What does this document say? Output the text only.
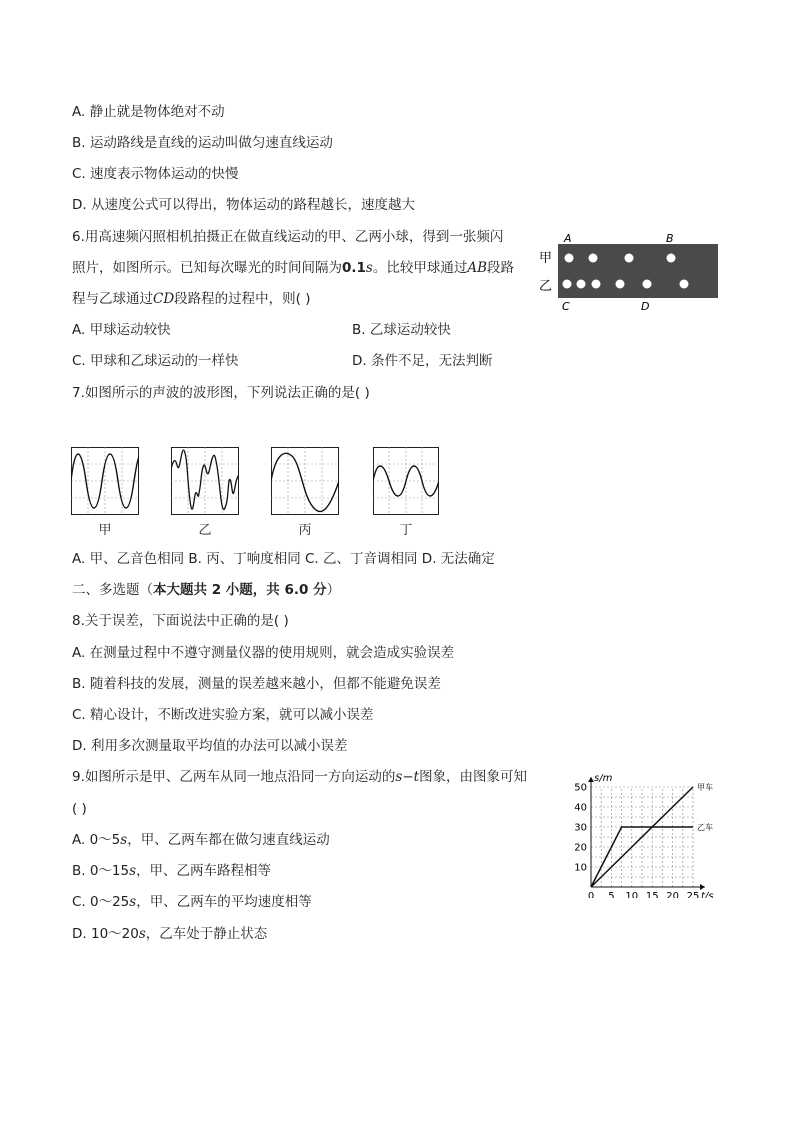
A. 静止就是物体绝对不动
B. 运动路线是直线的运动叫做匀速直线运动
C. 速度表示物体运动的快慢
D. 从速度公式可以得出，物体运动的路程越长，速度越大
6.用高速频闪照相机拍摄正在做直线运动的甲、乙两小球，得到一张频闪
照片，如图所示。已知每次曝光的时间间隔为0.1s。比较甲球通过AB段路
程与乙球通过CD段路程的过程中，则( )
A. 甲球运动较快	B. 乙球运动较快
C. 甲球和乙球运动的一样快	D. 条件不足，无法判断
A	B
C	D
甲
乙
7.如图所示的声波的波形图，下列说法正确的是( )
甲	乙	丙	丁
A. 甲、乙音色相同 B. 丙、丁响度相同 C. 乙、丁音调相同 D. 无法确定
二、多选题（本大题共 2 小题，共 6.0 分）
8.关于误差，下面说法中正确的是( )
A. 在测量过程中不遵守测量仪器的使用规则，就会造成实验误差
B. 随着科技的发展，测量的误差越来越小，但都不能避免误差
C. 精心设计，不断改进实验方案，就可以减小误差
D. 利用多次测量取平均值的办法可以减小误差
9.如图所示是甲、乙两车从同一地点沿同一方向运动的s−t图象，由图象可知
( )
A. 0～5s，甲、乙两车都在做匀速直线运动
B. 0～15s，甲、乙两车路程相等
C. 0～25s，甲、乙两车的平均速度相等
D. 10～20s，乙车处于静止状态
0 5 10 15 20 25
10
20
30
40
50
s/m
t/s
甲车
乙车
